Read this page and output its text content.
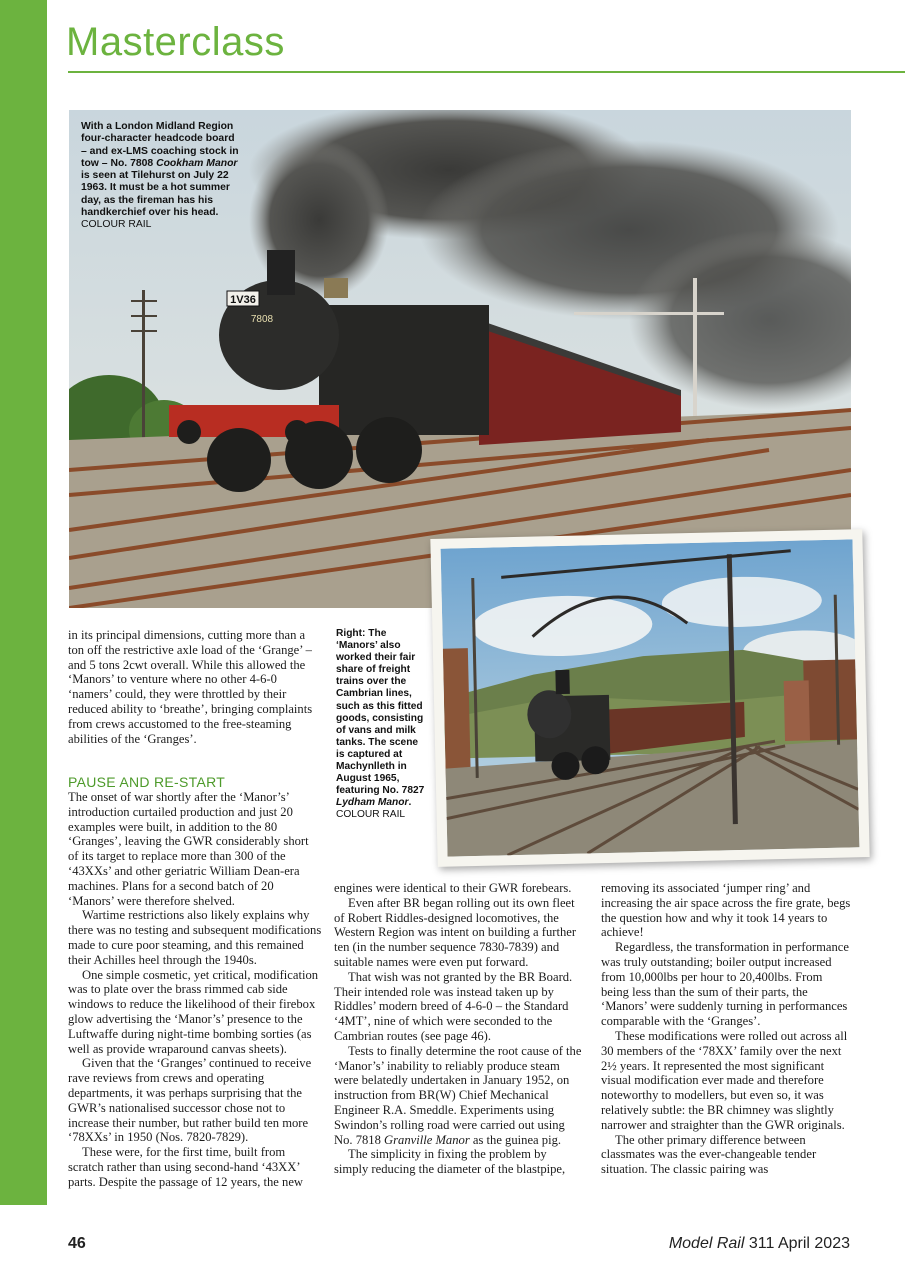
Masterclass
1V36
7808
With a London Midland Region four-character headcode board – and ex-LMS coaching stock in tow – No. 7808 Cookham Manor is seen at Tilehurst on July 22 1963. It must be a hot summer day, as the fireman has his handkerchief over his head.
COLOUR RAIL
Right: The ‘Manors’ also worked their fair share of freight trains over the Cambrian lines, such as this fitted goods, consisting of vans and milk tanks. The scene is captured at Machynlleth in August 1965, featuring No. 7827 Lydham Manor.
COLOUR RAIL

in its principal dimensions, cutting more than a ton off the restrictive axle load of the ‘Grange’ – and 5 tons 2cwt overall. While this allowed the ‘Manors’ to venture where no other 4-6-0 ‘namers’ could, they were throttled by their reduced ability to ‘breathe’, bringing complaints from crews accustomed to the free-steaming abilities of the ‘Granges’.

PAUSE AND RE-START

The onset of war shortly after the ‘Manor’s’ introduction curtailed production and just 20 examples were built, in addition to the 80 ‘Granges’, leaving the GWR considerably short of its target to replace more than 300 of the ‘43XXs’ and other geriatric William Dean-era machines. Plans for a second batch of 20 ‘Manors’ were therefore shelved.

Wartime restrictions also likely explains why there was no testing and subsequent modifications made to cure poor steaming, and this remained their Achilles heel through the 1940s.

One simple cosmetic, yet critical, modification was to plate over the brass rimmed cab side windows to reduce the likelihood of their firebox glow advertising the ‘Manor’s’ presence to the Luftwaffe during night-time bombing sorties (as well as provide wraparound canvas sheets).

Given that the ‘Granges’ continued to receive rave reviews from crews and operating departments, it was perhaps surprising that the GWR’s nationalised successor chose not to increase their number, but rather build ten more ‘78XXs’ in 1950 (Nos. 7820-7829).

These were, for the first time, built from scratch rather than using second-hand ‘43XX’ parts. Despite the passage of 12 years, the new

engines were identical to their GWR forebears.

Even after BR began rolling out its own fleet of Robert Riddles-designed locomotives, the Western Region was intent on building a further ten (in the number sequence 7830-7839) and suitable names were even put forward.

That wish was not granted by the BR Board. Their intended role was instead taken up by Riddles’ modern breed of 4-6-0 – the Standard ‘4MT’, nine of which were seconded to the Cambrian routes (see page 46).

Tests to finally determine the root cause of the ‘Manor’s’ inability to reliably produce steam were belatedly undertaken in January 1952, on instruction from BR(W) Chief Mechanical Engineer R.A. Smeddle. Experiments using Swindon’s rolling road were carried out using No. 7818 Granville Manor as the guinea pig.

The simplicity in fixing the problem by simply reducing the diameter of the blastpipe,

removing its associated ‘jumper ring’ and increasing the air space across the fire grate, begs the question how and why it took 14 years to achieve!

Regardless, the transformation in performance was truly outstanding; boiler output increased from 10,000lbs per hour to 20,400lbs. From being less than the sum of their parts, the ‘Manors’ were suddenly turning in performances comparable with the ‘Granges’.

These modifications were rolled out across all 30 members of the ‘78XX’ family over the next 2½ years. It represented the most significant visual modification ever made and therefore noteworthy to modellers, but even so, it was relatively subtle: the BR chimney was slightly narrower and straighter than the GWR originals.

The other primary difference between classmates was the ever-changeable tender situation. The classic pairing was

46	Model Rail 311 April 2023
